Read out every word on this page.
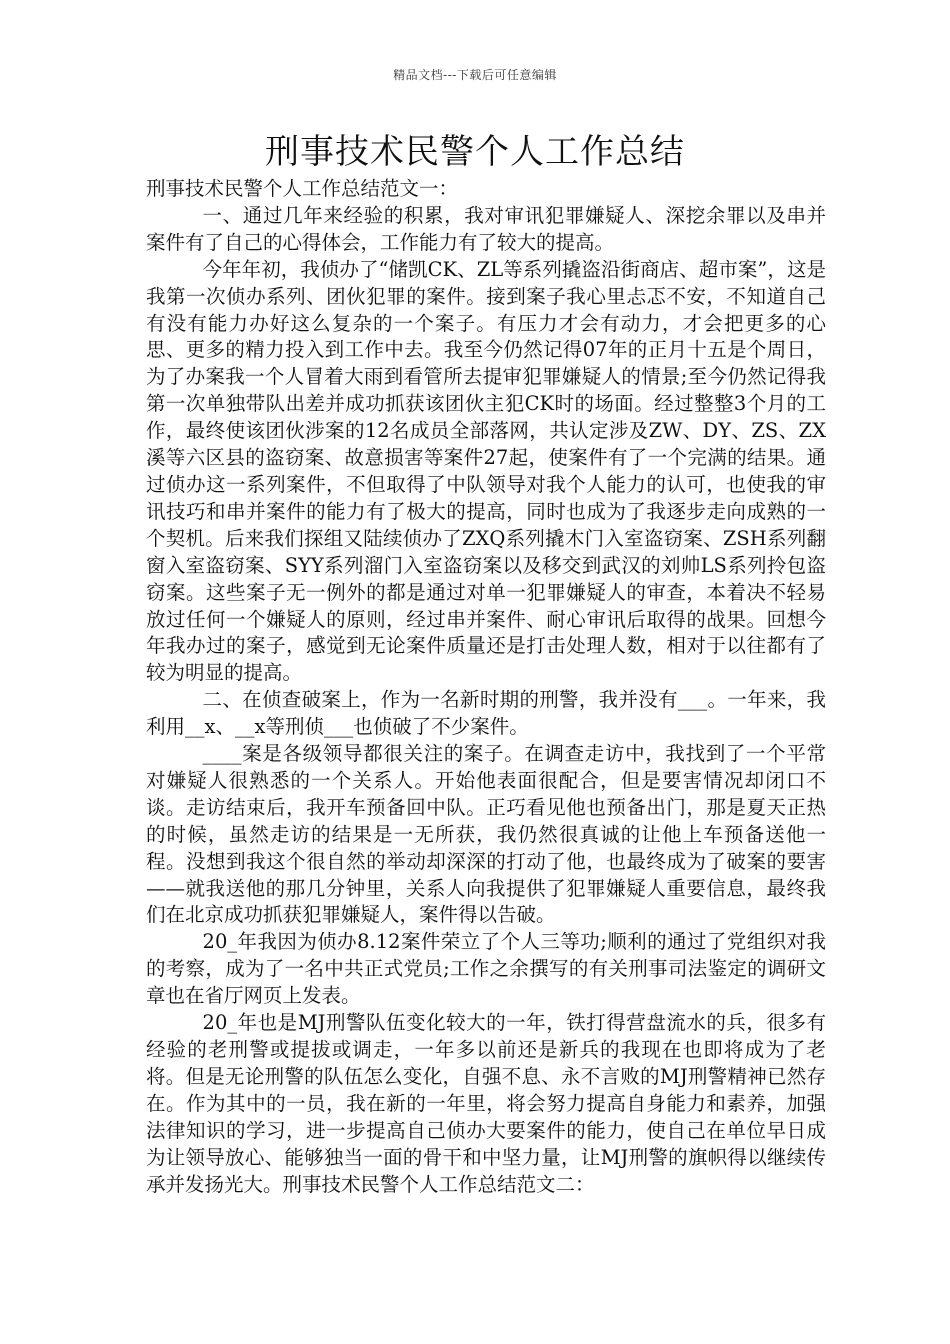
精品文档---下载后可任意编辑
刑事技术民警个人工作总结

刑事技术民警个人工作总结范文一：

一、通过几年来经验的积累，我对审讯犯罪嫌疑人、深挖余罪以及串并案件有了自己的心得体会，工作能力有了较大的提高。

今年年初，我侦办了“储凯CK、ZL等系列撬盗沿街商店、超市案”，这是我第一次侦办系列、团伙犯罪的案件。接到案子我心里忐忑不安，不知道自己有没有能力办好这么复杂的一个案子。有压力才会有动力，才会把更多的心思、更多的精力投入到工作中去。我至今仍然记得07年的正月十五是个周日，为了办案我一个人冒着大雨到看管所去提审犯罪嫌疑人的情景;至今仍然记得我第一次单独带队出差并成功抓获该团伙主犯CK时的场面。经过整整3个月的工作，最终使该团伙涉案的12名成员全部落网，共认定涉及ZW、DY、ZS、ZX溪等六区县的盗窃案、故意损害等案件27起，使案件有了一个完满的结果。通过侦办这一系列案件，不但取得了中队领导对我个人能力的认可，也使我的审讯技巧和串并案件的能力有了极大的提高，同时也成为了我逐步走向成熟的一个契机。后来我们探组又陆续侦办了ZXQ系列撬木门入室盗窃案、ZSH系列翻窗入室盗窃案、SYY系列溜门入室盗窃案以及移交到武汉的刘帅LS系列拎包盗窃案。这些案子无一例外的都是通过对单一犯罪嫌疑人的审查，本着决不轻易放过任何一个嫌疑人的原则，经过串并案件、耐心审讯后取得的战果。回想今年我办过的案子，感觉到无论案件质量还是打击处理人数，相对于以往都有了较为明显的提高。

二、在侦查破案上，作为一名新时期的刑警，我并没有___。一年来，我利用__x、__x等刑侦___也侦破了不少案件。

____案是各级领导都很关注的案子。在调查走访中，我找到了一个平常对嫌疑人很熟悉的一个关系人。开始他表面很配合，但是要害情况却闭口不谈。走访结束后，我开车预备回中队。正巧看见他也预备出门，那是夏天正热的时候，虽然走访的结果是一无所获，我仍然很真诚的让他上车预备送他一程。没想到我这个很自然的举动却深深的打动了他，也最终成为了破案的要害——就我送他的那几分钟里，关系人向我提供了犯罪嫌疑人重要信息，最终我们在北京成功抓获犯罪嫌疑人，案件得以告破。

20_年我因为侦办8.12案件荣立了个人三等功;顺利的通过了党组织对我的考察，成为了一名中共正式党员;工作之余撰写的有关刑事司法鉴定的调研文章也在省厅网页上发表。

20_年也是MJ刑警队伍变化较大的一年，铁打得营盘流水的兵，很多有经验的老刑警或提拔或调走，一年多以前还是新兵的我现在也即将成为了老将。但是无论刑警的队伍怎么变化，自强不息、永不言败的MJ刑警精神已然存在。作为其中的一员，我在新的一年里，将会努力提高自身能力和素养，加强法律知识的学习，进一步提高自己侦办大要案件的能力，使自己在单位早日成为让领导放心、能够独当一面的骨干和中坚力量，让MJ刑警的旗帜得以继续传承并发扬光大。刑事技术民警个人工作总结范文二：
